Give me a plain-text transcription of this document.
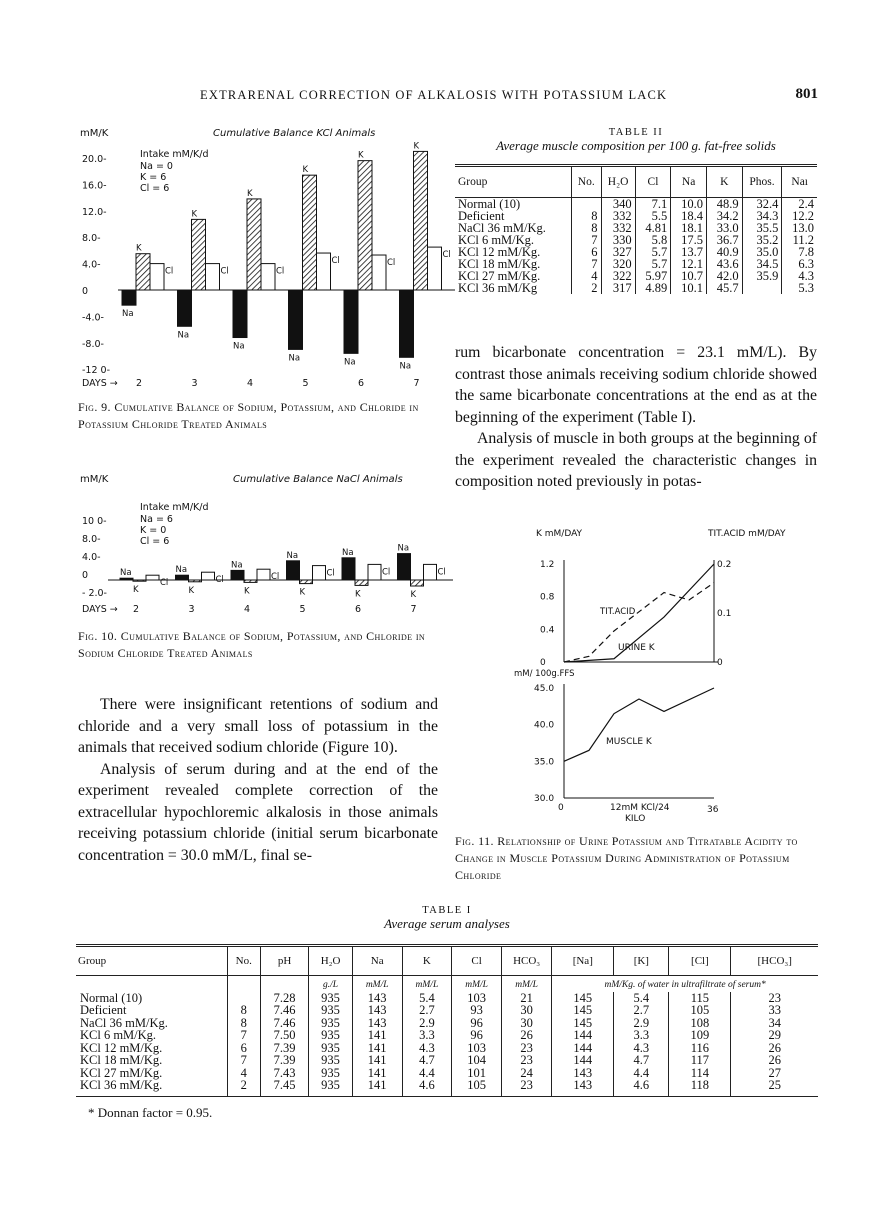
EXTRARENAL CORRECTION OF ALKALOSIS WITH POTASSIUM LACK	801
mM/K	Cumulative Balance KCl Animals
Intake mM/K/d
Na = 0
K = 6
Cl = 6
20.0-
16.0-
12.0-
8.0-
4.0-
0
-4.0-
-8.0-
-12 0-
Na
K
Cl
Na
K
Cl
Na
K
Cl
Na
K
Cl
Na
K
Cl
Na
K
Cl
2	3	4	5	6	7
DAYS →
Fig. 9. Cumulative Balance of Sodium, Potassium, and Chloride in Potassium Chloride Treated Animals
mM/K	Cumulative Balance NaCl Animals
Intake mM/K/d
Na = 6
K = 0
Cl = 6
10 0-
8.0-
4.0-
0
- 2.0-
Na
K
Cl
Na
K
Cl
Na
K
Cl
Na
K
Cl
Na
K
Cl
Na
K
Cl
2	3	4	5	6	7
DAYS →
Fig. 10. Cumulative Balance of Sodium, Potassium, and Chloride in Sodium Chloride Treated Animals

There were insignificant retentions of sodium and chloride and a very small loss of potassium in the animals that received sodium chloride (Figure 10).

Analysis of serum during and at the end of the experiment revealed complete correction of the extracellular hypochloremic alkalosis in those animals receiving potassium chloride (initial serum bicarbonate concentration = 30.0 mM/L, final se-

TABLE II
Average muscle composition per 100 g. fat-free solids
Group	No.	H₂O	Cl	Na	K	Phos.	Naı
Normal (10)		340	7.1	10.0	48.9	32.4	2.4
Deficient	8	332	5.5	18.4	34.2	34.3	12.2
NaCl 36 mM/Kg.	8	332	4.81	18.1	33.0	35.5	13.0
KCl 6 mM/Kg.	7	330	5.8	17.5	36.7	35.2	11.2
KCl 12 mM/Kg.	6	327	5.7	13.7	40.9	35.0	7.8
KCl 18 mM/Kg.	7	320	5.7	12.1	43.6	34.5	6.3
KCl 27 mM/Kg.	4	322	5.97	10.7	42.0	35.9	4.3
KCl 36 mM/Kg	2	317	4.89	10.1	45.7		5.3

rum bicarbonate concentration = 23.1 mM/L). By contrast those animals receiving sodium chloride showed the same bicarbonate concentrations at the end as at the beginning of the experiment (Table I).

Analysis of muscle in both groups at the beginning of the experiment revealed the characteristic changes in composition noted previously in potas-

K mM/DAY	TIT.ACID mM/DAY
mM/ 100g.FFS
1.2
0.8
0.4
0
0.2
0.1
0
URINE K
TIT.ACID
45.0
40.0
35.0
30.0
MUSCLE K
12mM KCl/24
KILO
0	36
Fig. 11. Relationship of Urine Potassium and Titratable Acidity to Change in Muscle Potassium During Administration of Potassium Chloride
TABLE I
Average serum analyses
Group	No.	pH	H₂O	Na	K	Cl	HCO₃	[Na]	[K]	[Cl]	[HCO₃]
			g./L	mM/L	mM/L	mM/L	mM/L	mM/Kg. of water in ultrafiltrate of serum*			
Normal (10)		7.28	935	143	5.4	103	21	145	5.4	115	23
Deficient	8	7.46	935	143	2.7	93	30	145	2.7	105	33
NaCl 36 mM/Kg.	8	7.46	935	143	2.9	96	30	145	2.9	108	34
KCl 6 mM/Kg.	7	7.50	935	141	3.3	96	26	144	3.3	109	29
KCl 12 mM/Kg.	6	7.39	935	141	4.3	103	23	144	4.3	116	26
KCl 18 mM/Kg.	7	7.39	935	141	4.7	104	23	144	4.7	117	26
KCl 27 mM/Kg.	4	7.43	935	141	4.4	101	24	143	4.4	114	27
KCl 36 mM/Kg.	2	7.45	935	141	4.6	105	23	143	4.6	118	25
* Donnan factor = 0.95.
